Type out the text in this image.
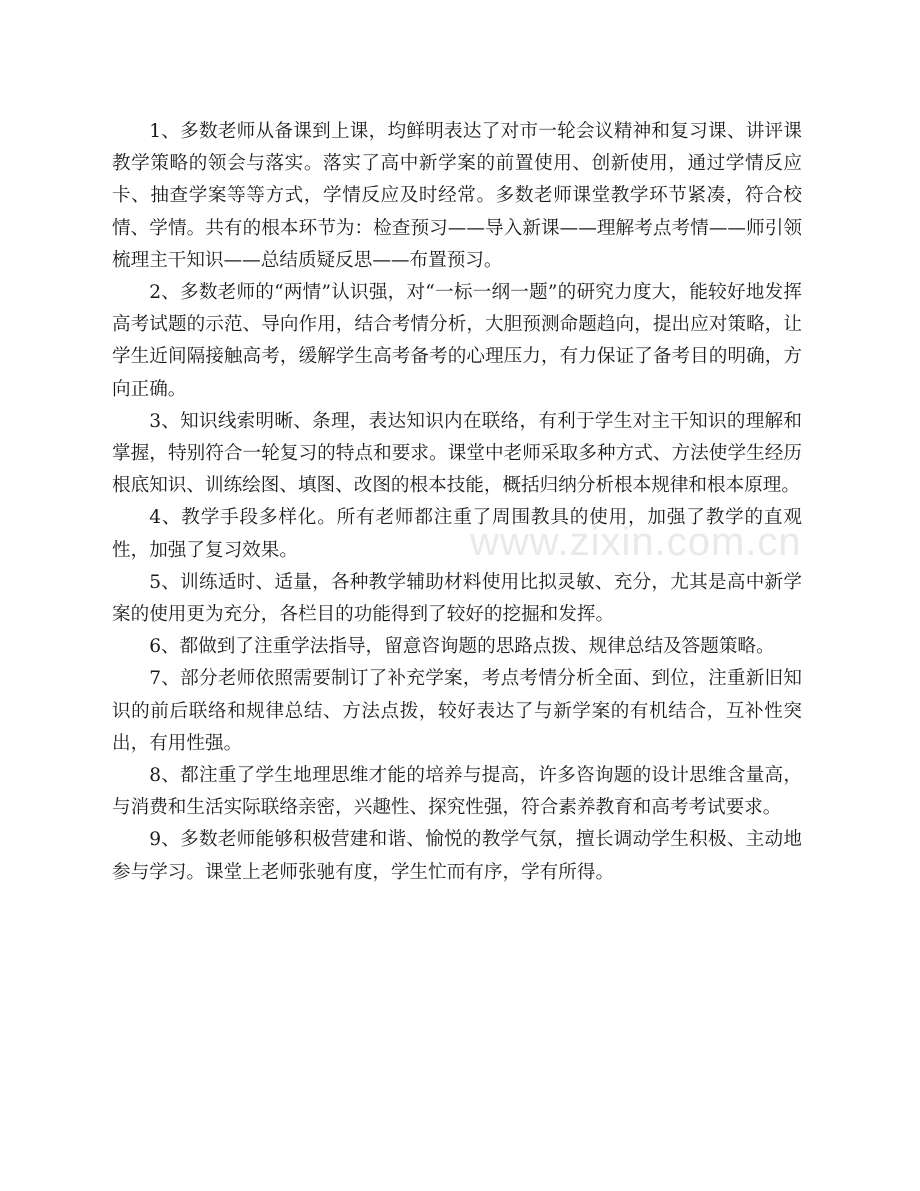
www.zixin.com.cn

1、多数老师从备课到上课，均鲜明表达了对市一轮会议精神和复习课、讲评课教学策略的领会与落实。落实了高中新学案的前置使用、创新使用，通过学情反应卡、抽查学案等等方式，学情反应及时经常。多数老师课堂教学环节紧凑，符合校情、学情。共有的根本环节为：检查预习——导入新课——理解考点考情——师引领梳理主干知识——总结质疑反思——布置预习。

2、多数老师的“两情”认识强，对“一标一纲一题”的研究力度大，能较好地发挥高考试题的示范、导向作用，结合考情分析，大胆预测命题趋向，提出应对策略，让学生近间隔接触高考，缓解学生高考备考的心理压力，有力保证了备考目的明确，方向正确。

3、知识线索明晰、条理，表达知识内在联络，有利于学生对主干知识的理解和掌握，特别符合一轮复习的特点和要求。课堂中老师采取多种方式、方法使学生经历根底知识、训练绘图、填图、改图的根本技能，概括归纳分析根本规律和根本原理。

4、教学手段多样化。所有老师都注重了周围教具的使用，加强了教学的直观性，加强了复习效果。

5、训练适时、适量，各种教学辅助材料使用比拟灵敏、充分，尤其是高中新学案的使用更为充分，各栏目的功能得到了较好的挖掘和发挥。

6、都做到了注重学法指导，留意咨询题的思路点拨、规律总结及答题策略。

7、部分老师依照需要制订了补充学案，考点考情分析全面、到位，注重新旧知识的前后联络和规律总结、方法点拨，较好表达了与新学案的有机结合，互补性突出，有用性强。

8、都注重了学生地理思维才能的培养与提高，许多咨询题的设计思维含量高，与消费和生活实际联络亲密，兴趣性、探究性强，符合素养教育和高考考试要求。

9、多数老师能够积极营建和谐、愉悦的教学气氛，擅长调动学生积极、主动地参与学习。课堂上老师张驰有度，学生忙而有序，学有所得。
